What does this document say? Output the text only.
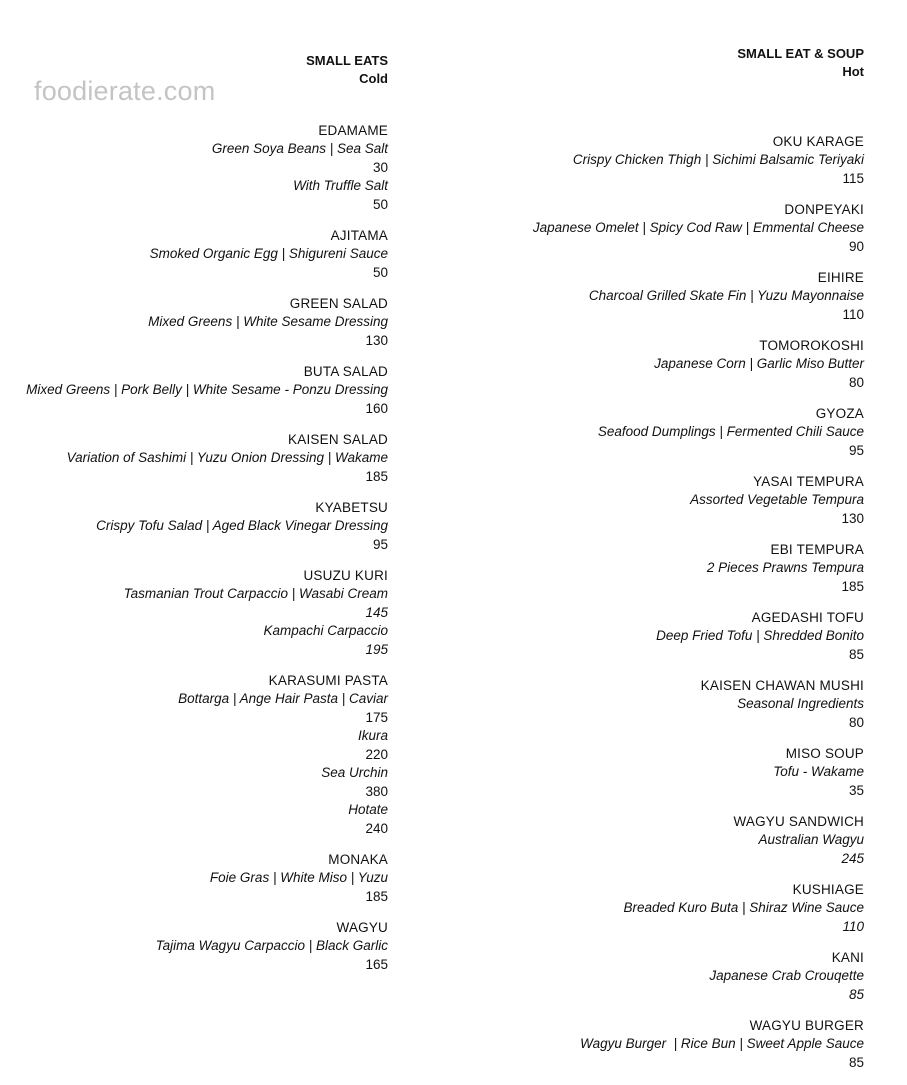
foodierate.com
SMALL EATS
Cold
EDAMAME
Green Soya Beans | Sea Salt
30
With Truffle Salt
50
AJITAMA
Smoked Organic Egg | Shigureni Sauce
50
GREEN SALAD
Mixed Greens | White Sesame Dressing
130
BUTA SALAD
Mixed Greens | Pork Belly | White Sesame - Ponzu Dressing
160
KAISEN SALAD
Variation of Sashimi | Yuzu Onion Dressing | Wakame
185
KYABETSU
Crispy Tofu Salad | Aged Black Vinegar Dressing
95
USUZU KURI
Tasmanian Trout Carpaccio | Wasabi Cream
145
Kampachi Carpaccio
195
KARASUMI PASTA
Bottarga | Ange Hair Pasta | Caviar
175
Ikura
220
Sea Urchin
380
Hotate
240
MONAKA
Foie Gras | White Miso | Yuzu
185
WAGYU
Tajima Wagyu Carpaccio | Black Garlic
165
SMALL EAT & SOUP
Hot
OKU KARAGE
Crispy Chicken Thigh | Sichimi Balsamic Teriyaki
115
DONPEYAKI
Japanese Omelet | Spicy Cod Raw | Emmental Cheese
90
EIHIRE
Charcoal Grilled Skate Fin | Yuzu Mayonnaise
110
TOMOROKOSHI
Japanese Corn | Garlic Miso Butter
80
GYOZA
Seafood Dumplings | Fermented Chili Sauce
95
YASAI TEMPURA
Assorted Vegetable Tempura
130
EBI TEMPURA
2 Pieces Prawns Tempura
185
AGEDASHI TOFU
Deep Fried Tofu | Shredded Bonito
85
KAISEN CHAWAN MUSHI
Seasonal Ingredients
80
MISO SOUP
Tofu - Wakame
35
WAGYU SANDWICH
Australian Wagyu
245
KUSHIAGE
Breaded Kuro Buta | Shiraz Wine Sauce
110
KANI
Japanese Crab Crouqette
85
WAGYU BURGER
Wagyu Burger  | Rice Bun | Sweet Apple Sauce
85
